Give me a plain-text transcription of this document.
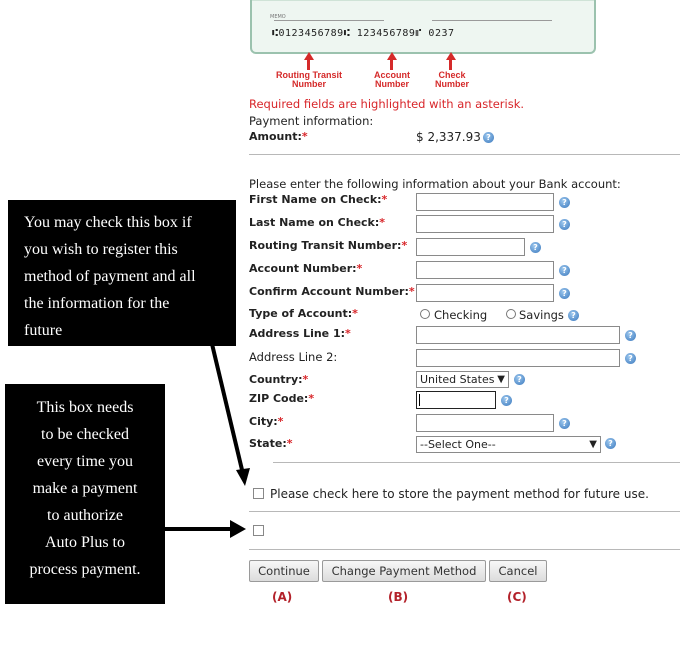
MEMO
⑆0123456789⑆ 123456789⑈ 0237
Routing Transit
Number
Account
Number
Check
Number
Required fields are highlighted with an asterisk.
Payment information:
Amount:*	$ 2,337.93 ?
Please enter the following information about your Bank account:
First Name on Check:*	?
Last Name on Check:*	?
Routing Transit Number:*	?
Account Number:*	?
Confirm Account Number:*	?
Type of Account:*	Checking	Savings ?
Address Line 1:*	?
Address Line 2:	?
Country:*	United States ▼	?
ZIP Code:*	?
City:*	?
State:*	--Select One--	▼	?
Please check here to store the payment method for future use.
Continue	Change Payment Method	Cancel
(A)	(B)	(C)
You may check this box if
you wish to register this
method of payment and all
the information for the
future
This box needs
to be checked
every time you
make a payment
to authorize
Auto Plus to
process payment.
